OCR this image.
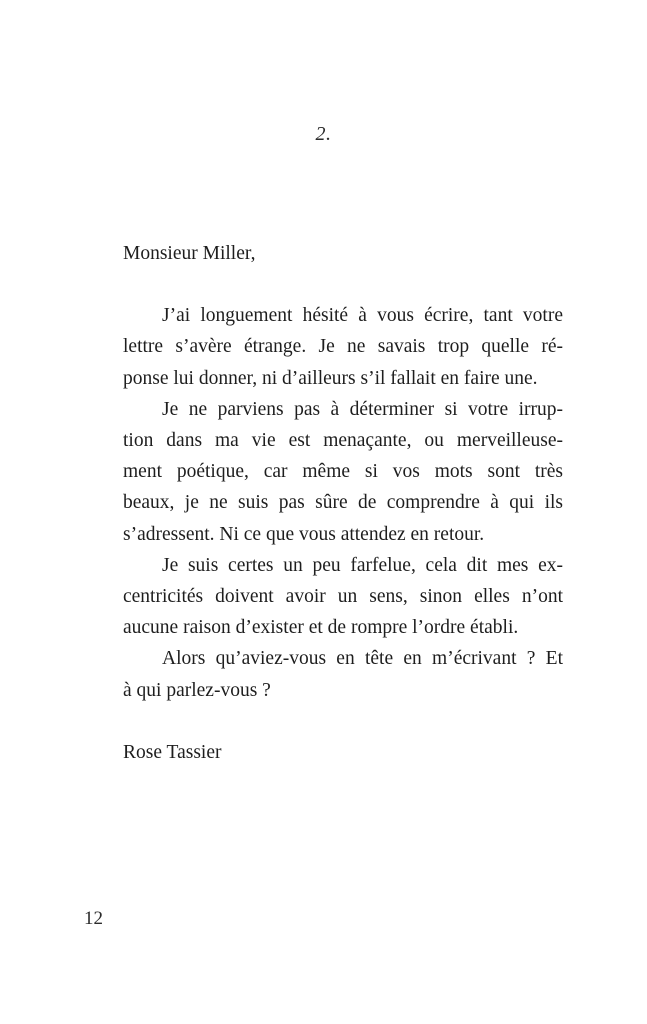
2.

Monsieur Miller,

J’ai longuement hésité à vous écrire, tant votre
lettre s’avère étrange. Je ne savais trop quelle ré-
ponse lui donner, ni d’ailleurs s’il fallait en faire une.
Je ne parviens pas à déterminer si votre irrup-
tion dans ma vie est menaçante, ou merveilleuse-
ment poétique, car même si vos mots sont très
beaux, je ne suis pas sûre de comprendre à qui ils
s’adressent. Ni ce que vous attendez en retour.
Je suis certes un peu farfelue, cela dit mes ex-
centricités doivent avoir un sens, sinon elles n’ont
aucune raison d’exister et de rompre l’ordre établi.
Alors qu’aviez-vous en tête en m’écrivant ? Et
à qui parlez-vous ?

Rose Tassier

12
